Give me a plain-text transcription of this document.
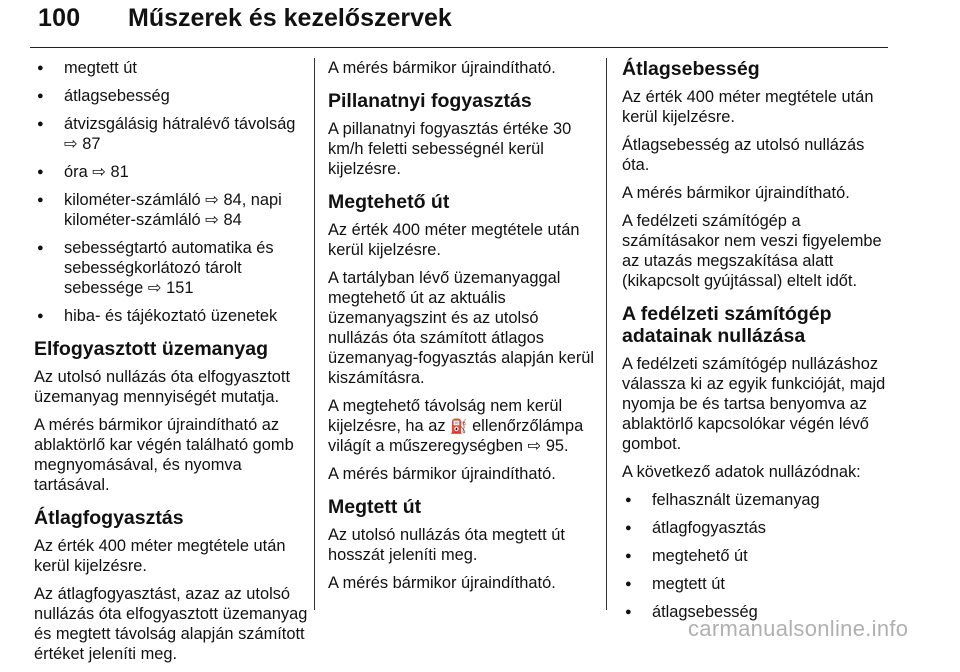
100 Műszerek és kezelőszervek
● megtett út
● átlagsebesség
● átvizsgálásig hátralévő távolság ⇨ 87
● óra ⇨ 81
● kilométer-számláló ⇨ 84, napi kilométer-számláló ⇨ 84
● sebességtartó automatika és sebességkorlátozó tárolt sebessége ⇨ 151
● hiba- és tájékoztató üzenetek
Elfogyasztott üzemanyag

Az utolsó nullázás óta elfogyasztott üzemanyag mennyiségét mutatja.

A mérés bármikor újraindítható az ablaktörlő kar végén található gomb megnyomásával, és nyomva tartásával.

Átlagfogyasztás

Az érték 400 méter megtétele után kerül kijelzésre.

Az átlagfogyasztást, azaz az utolsó nullázás óta elfogyasztott üzemanyag és megtett távolság alapján számított értéket jeleníti meg.

A mérés bármikor újraindítható.

Pillanatnyi fogyasztás

A pillanatnyi fogyasztás értéke 30 km/h feletti sebességnél kerül kijelzésre.

Megtehető út

Az érték 400 méter megtétele után kerül kijelzésre.

A tartályban lévő üzemanyaggal megtehető út az aktuális üzemanyagszint és az utolsó nullázás óta számított átlagos üzemanyag-fogyasztás alapján kerül kiszámításra.

A megtehető távolság nem kerül kijelzésre, ha az ⛽ ellenőrzőlámpa világít a műszeregységben ⇨ 95.

A mérés bármikor újraindítható.

Megtett út

Az utolsó nullázás óta megtett út hosszát jeleníti meg.

A mérés bármikor újraindítható.

Átlagsebesség

Az érték 400 méter megtétele után kerül kijelzésre.

Átlagsebesség az utolsó nullázás óta.

A mérés bármikor újraindítható.

A fedélzeti számítógép a számításakor nem veszi figyelembe az utazás megszakítása alatt (kikapcsolt gyújtással) eltelt időt.

A fedélzeti számítógép adatainak nullázása

A fedélzeti számítógép nullázáshoz válassza ki az egyik funkcióját, majd nyomja be és tartsa benyomva az ablaktörlő kapcsolókar végén lévő gombot.

A következő adatok nullázódnak:

● felhasznált üzemanyag
● átlagfogyasztás
● megtehető út
● megtett út
● átlagsebesség
carmanualsonline.info
